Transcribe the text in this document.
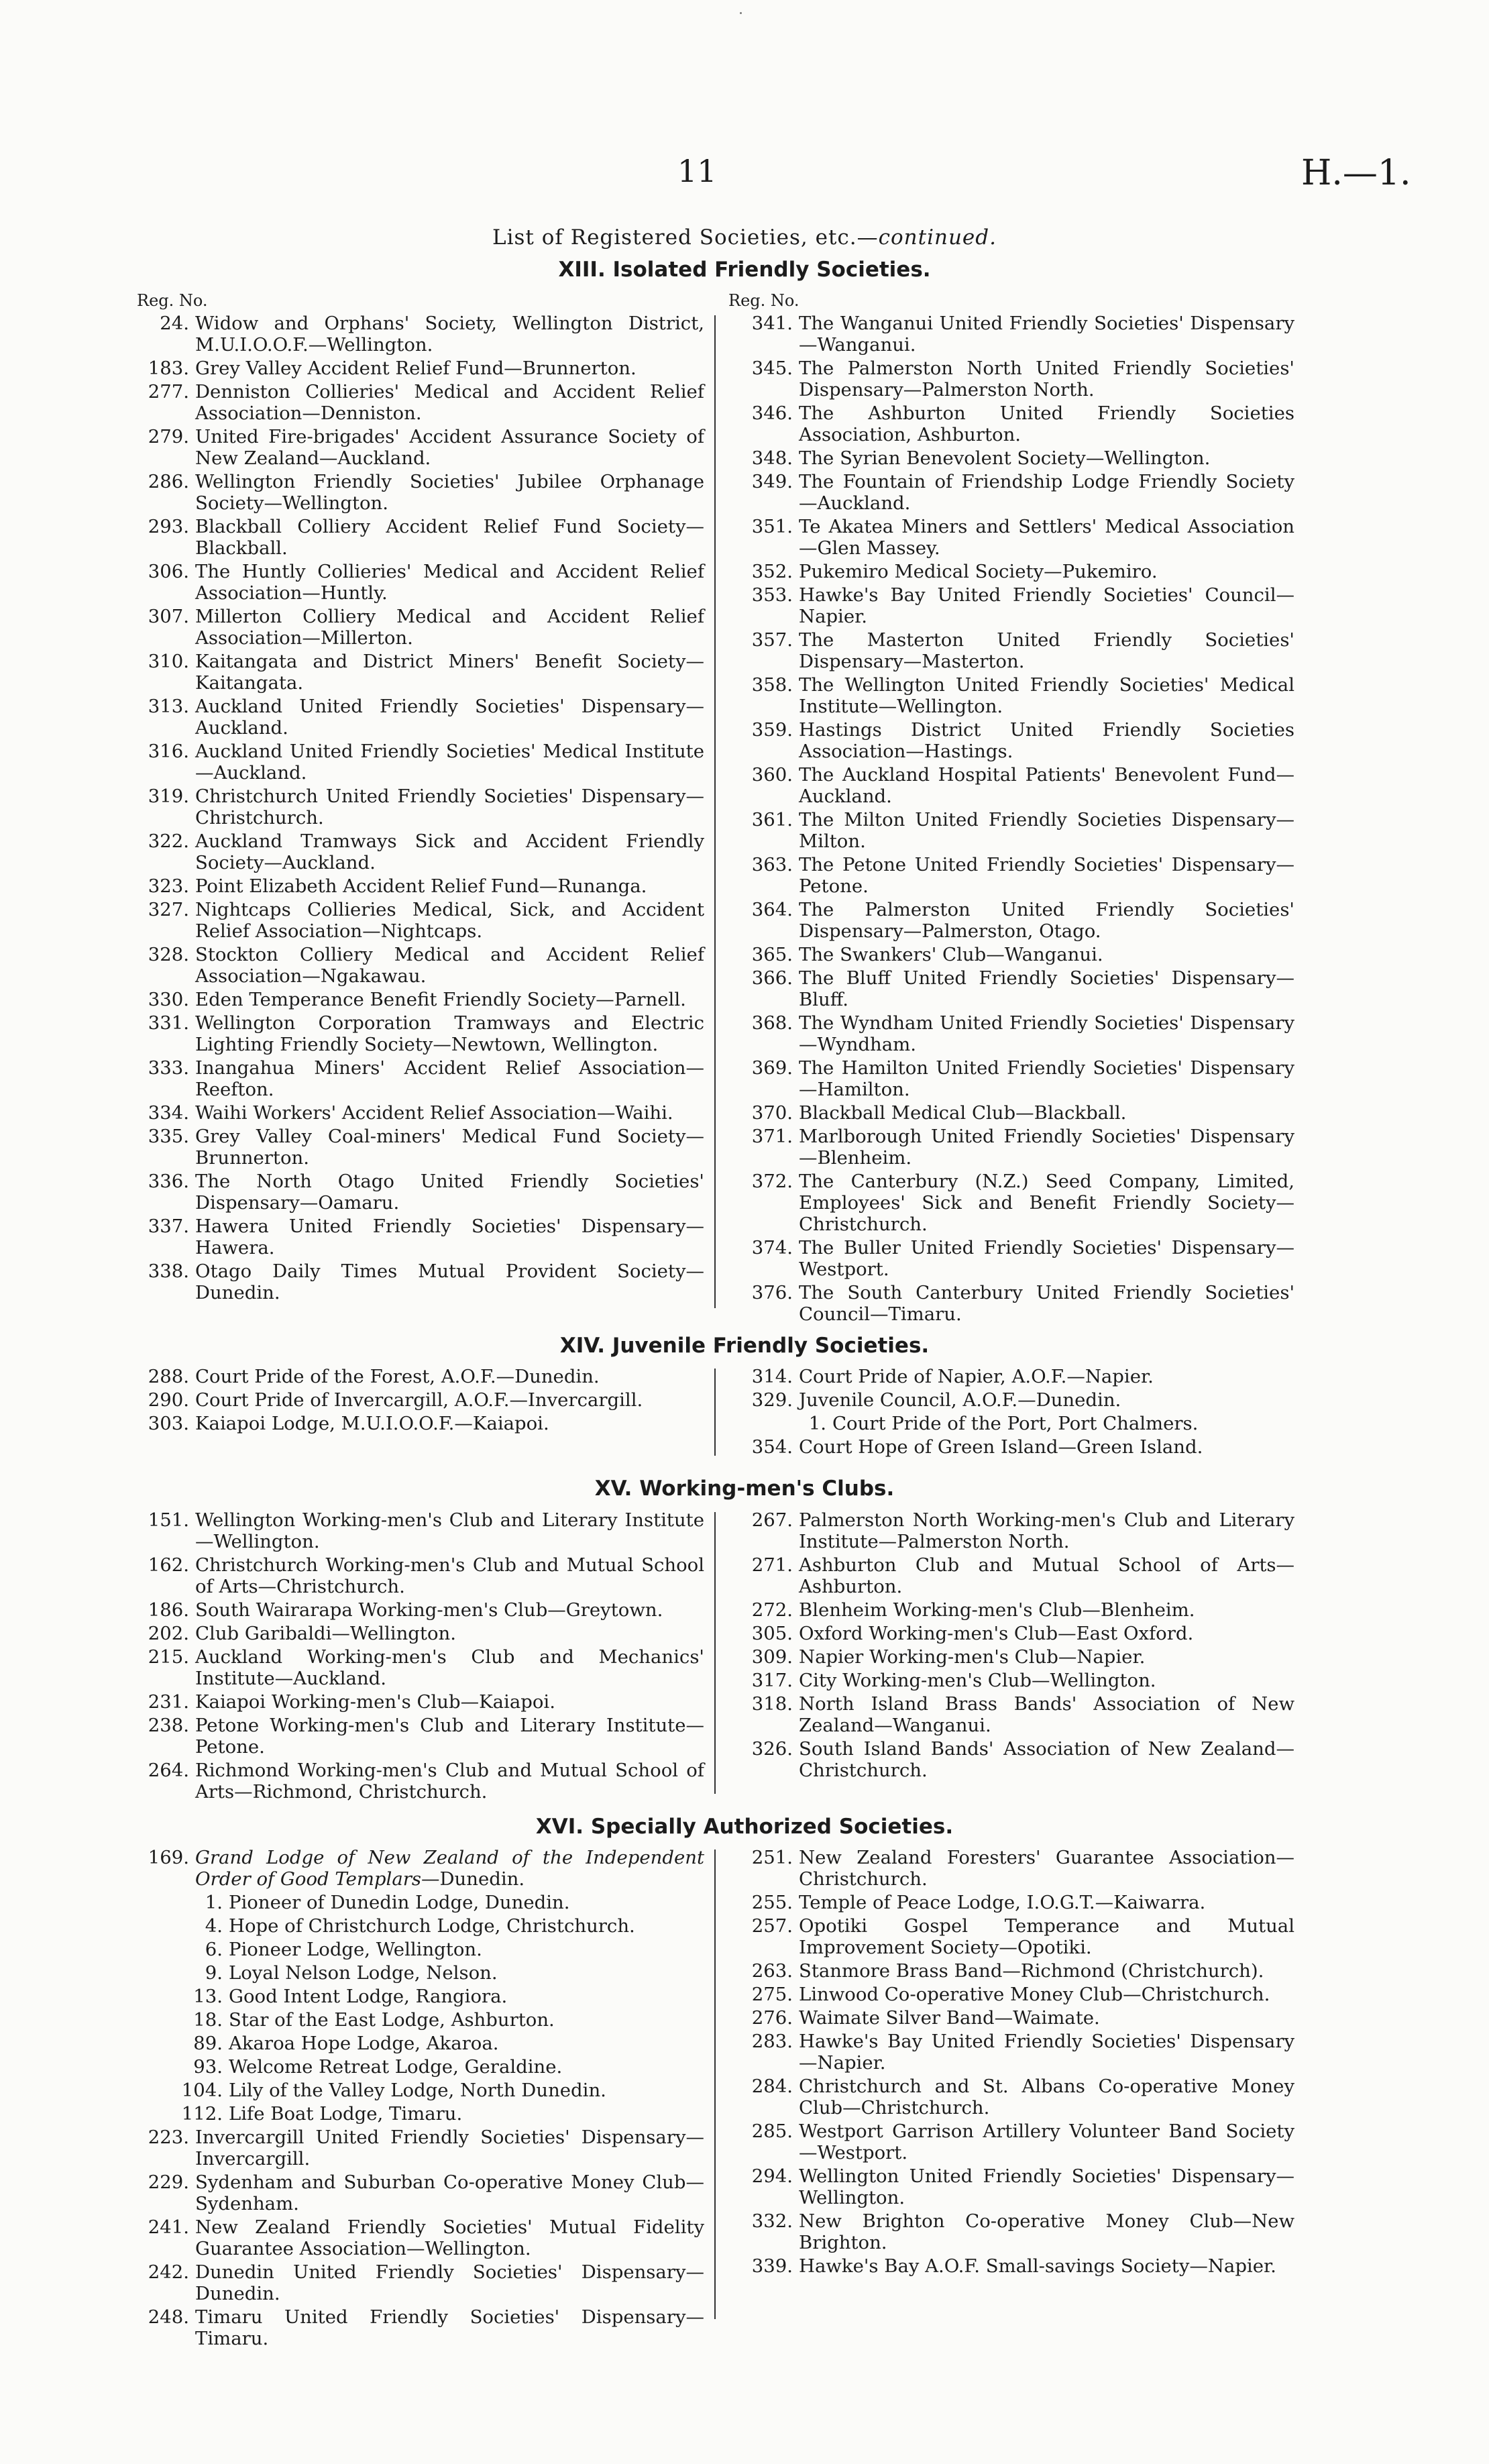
11	H.—1.
List of Registered Societies, etc.—continued.
XIII. Isolated Friendly Societies.
Reg. No.	Reg. No.
24. Widow and Orphans' Society, Wellington District, M.U.I.O.O.F.—Wellington.
183. Grey Valley Accident Relief Fund—Brunnerton.
277. Denniston Collieries' Medical and Accident Relief Association—Denniston.
279. United Fire-brigades' Accident Assurance Society of New Zealand—Auckland.
286. Wellington Friendly Societies' Jubilee Orphanage Society—Wellington.
293. Blackball Colliery Accident Relief Fund Society—Blackball.
306. The Huntly Collieries' Medical and Accident Relief Association—Huntly.
307. Millerton Colliery Medical and Accident Relief Association—Millerton.
310. Kaitangata and District Miners' Benefit Society—Kaitangata.
313. Auckland United Friendly Societies' Dispensary—Auckland.
316. Auckland United Friendly Societies' Medical Institute—Auckland.
319. Christchurch United Friendly Societies' Dispensary—Christchurch.
322. Auckland Tramways Sick and Accident Friendly Society—Auckland.
323. Point Elizabeth Accident Relief Fund—Runanga.
327. Nightcaps Collieries Medical, Sick, and Accident Relief Association—Nightcaps.
328. Stockton Colliery Medical and Accident Relief Association—Ngakawau.
330. Eden Temperance Benefit Friendly Society—Parnell.
331. Wellington Corporation Tramways and Electric Lighting Friendly Society—Newtown, Wellington.
333. Inangahua Miners' Accident Relief Association—Reefton.
334. Waihi Workers' Accident Relief Association—Waihi.
335. Grey Valley Coal-miners' Medical Fund Society—Brunnerton.
336. The North Otago United Friendly Societies' Dispensary—Oamaru.
337. Hawera United Friendly Societies' Dispensary—Hawera.
338. Otago Daily Times Mutual Provident Society—Dunedin.
341. The Wanganui United Friendly Societies' Dispensary—Wanganui.
345. The Palmerston North United Friendly Societies' Dispensary—Palmerston North.
346. The Ashburton United Friendly Societies Association, Ashburton.
348. The Syrian Benevolent Society—Wellington.
349. The Fountain of Friendship Lodge Friendly Society—Auckland.
351. Te Akatea Miners and Settlers' Medical Association—Glen Massey.
352. Pukemiro Medical Society—Pukemiro.
353. Hawke's Bay United Friendly Societies' Council—Napier.
357. The Masterton United Friendly Societies' Dispensary—Masterton.
358. The Wellington United Friendly Societies' Medical Institute—Wellington.
359. Hastings District United Friendly Societies Association—Hastings.
360. The Auckland Hospital Patients' Benevolent Fund—Auckland.
361. The Milton United Friendly Societies Dispensary—Milton.
363. The Petone United Friendly Societies' Dispensary—Petone.
364. The Palmerston United Friendly Societies' Dispensary—Palmerston, Otago.
365. The Swankers' Club—Wanganui.
366. The Bluff United Friendly Societies' Dispensary—Bluff.
368. The Wyndham United Friendly Societies' Dispensary—Wyndham.
369. The Hamilton United Friendly Societies' Dispensary—Hamilton.
370. Blackball Medical Club—Blackball.
371. Marlborough United Friendly Societies' Dispensary—Blenheim.
372. The Canterbury (N.Z.) Seed Company, Limited, Employees' Sick and Benefit Friendly Society—Christchurch.
374. The Buller United Friendly Societies' Dispensary—Westport.
376. The South Canterbury United Friendly Societies' Council—Timaru.
XIV. Juvenile Friendly Societies.
288. Court Pride of the Forest, A.O.F.—Dunedin.
290. Court Pride of Invercargill, A.O.F.—Invercargill.
303. Kaiapoi Lodge, M.U.I.O.O.F.—Kaiapoi.
314. Court Pride of Napier, A.O.F.—Napier.
329. Juvenile Council, A.O.F.—Dunedin.
1. Court Pride of the Port, Port Chalmers.
354. Court Hope of Green Island—Green Island.
XV. Working-men's Clubs.
151. Wellington Working-men's Club and Literary Institute—Wellington.
162. Christchurch Working-men's Club and Mutual School of Arts—Christchurch.
186. South Wairarapa Working-men's Club—Greytown.
202. Club Garibaldi—Wellington.
215. Auckland Working-men's Club and Mechanics' Institute—Auckland.
231. Kaiapoi Working-men's Club—Kaiapoi.
238. Petone Working-men's Club and Literary Institute—Petone.
264. Richmond Working-men's Club and Mutual School of Arts—Richmond, Christchurch.
267. Palmerston North Working-men's Club and Literary Institute—Palmerston North.
271. Ashburton Club and Mutual School of Arts—Ashburton.
272. Blenheim Working-men's Club—Blenheim.
305. Oxford Working-men's Club—East Oxford.
309. Napier Working-men's Club—Napier.
317. City Working-men's Club—Wellington.
318. North Island Brass Bands' Association of New Zealand—Wanganui.
326. South Island Bands' Association of New Zealand—Christchurch.
XVI. Specially Authorized Societies.
169. Grand Lodge of New Zealand of the Independent Order of Good Templars—Dunedin.
1. Pioneer of Dunedin Lodge, Dunedin.
4. Hope of Christchurch Lodge, Christchurch.
6. Pioneer Lodge, Wellington.
9. Loyal Nelson Lodge, Nelson.
13. Good Intent Lodge, Rangiora.
18. Star of the East Lodge, Ashburton.
89. Akaroa Hope Lodge, Akaroa.
93. Welcome Retreat Lodge, Geraldine.
104. Lily of the Valley Lodge, North Dunedin.
112. Life Boat Lodge, Timaru.
223. Invercargill United Friendly Societies' Dispensary—Invercargill.
229. Sydenham and Suburban Co-operative Money Club—Sydenham.
241. New Zealand Friendly Societies' Mutual Fidelity Guarantee Association—Wellington.
242. Dunedin United Friendly Societies' Dispensary—Dunedin.
248. Timaru United Friendly Societies' Dispensary—Timaru.
251. New Zealand Foresters' Guarantee Association—Christchurch.
255. Temple of Peace Lodge, I.O.G.T.—Kaiwarra.
257. Opotiki Gospel Temperance and Mutual Improvement Society—Opotiki.
263. Stanmore Brass Band—Richmond (Christchurch).
275. Linwood Co-operative Money Club—Christchurch.
276. Waimate Silver Band—Waimate.
283. Hawke's Bay United Friendly Societies' Dispensary—Napier.
284. Christchurch and St. Albans Co-operative Money Club—Christchurch.
285. Westport Garrison Artillery Volunteer Band Society—Westport.
294. Wellington United Friendly Societies' Dispensary—Wellington.
332. New Brighton Co-operative Money Club—New Brighton.
339. Hawke's Bay A.O.F. Small-savings Society—Napier.
